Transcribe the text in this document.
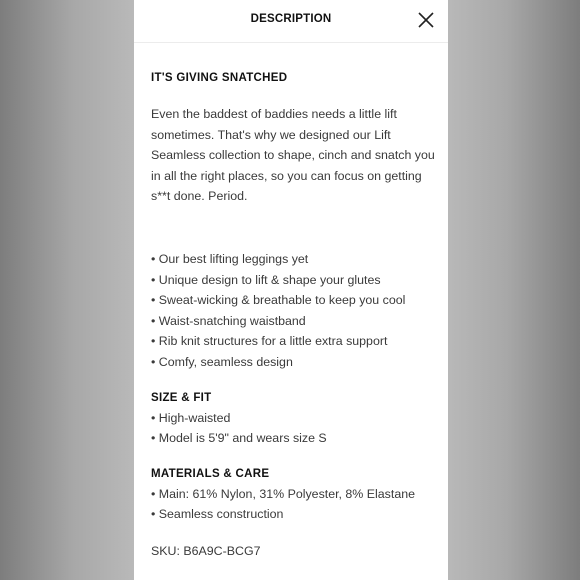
DESCRIPTION
IT'S GIVING SNATCHED
Even the baddest of baddies needs a little lift
sometimes. That's why we designed our Lift
Seamless collection to shape, cinch and snatch you
in all the right places, so you can focus on getting
s**t done. Period.
• Our best lifting leggings yet
• Unique design to lift & shape your glutes
• Sweat-wicking & breathable to keep you cool
• Waist-snatching waistband
• Rib knit structures for a little extra support
• Comfy, seamless design
SIZE & FIT
• High-waisted
• Model is 5'9" and wears size S
MATERIALS & CARE
• Main: 61% Nylon, 31% Polyester, 8% Elastane
• Seamless construction
SKU: B6A9C-BCG7
